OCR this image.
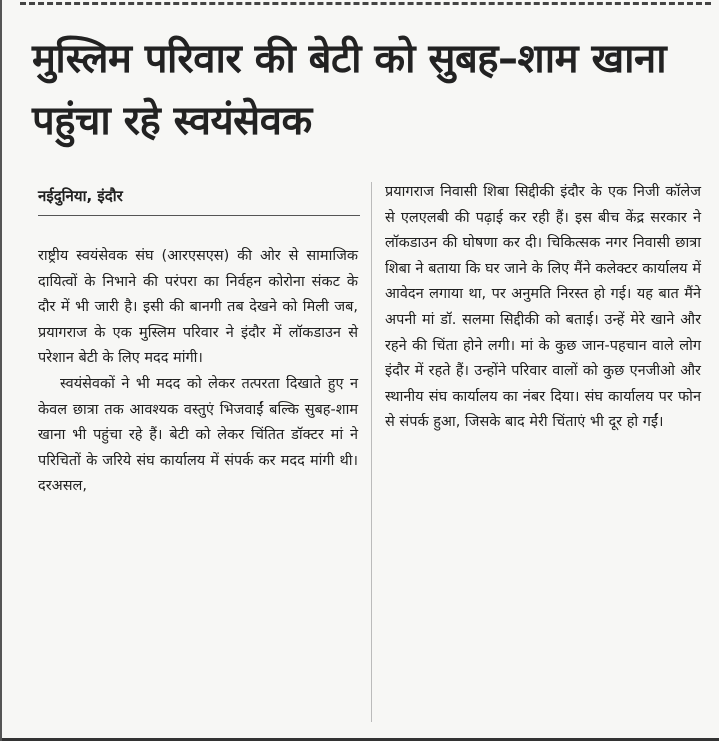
मुस्लिम परिवार की बेटी को सुबह–शाम खाना पहुंचा रहे स्वयंसेवक
नईदुनिया, इंदौर

राष्ट्रीय स्वयंसेवक संघ (आरएसएस) की ओर से सामाजिक दायित्वों के निभाने की परंपरा का निर्वहन कोरोना संकट के दौर में भी जारी है। इसी की बानगी तब देखने को मिली जब, प्रयागराज के एक मुस्लिम परिवार ने इंदौर में लॉकडाउन से परेशान बेटी के लिए मदद मांगी।

स्वयंसेवकों ने भी मदद को लेकर तत्परता दिखाते हुए न केवल छात्रा तक आवश्यक वस्तुएं भिजवाईं बल्कि सुबह-शाम खाना भी पहुंचा रहे हैं। बेटी को लेकर चिंतित डॉक्टर मां ने परिचितों के जरिये संघ कार्यालय में संपर्क कर मदद मांगी थी। दरअसल,

प्रयागराज निवासी शिबा सिद्दीकी इंदौर के एक निजी कॉलेज से एलएलबी की पढ़ाई कर रही हैं। इस बीच केंद्र सरकार ने लॉकडाउन की घोषणा कर दी। चिकित्सक नगर निवासी छात्रा शिबा ने बताया कि घर जाने के लिए मैंने कलेक्टर कार्यालय में आवेदन लगाया था, पर अनुमति निरस्त हो गई। यह बात मैंने अपनी मां डॉ. सलमा सिद्दीकी को बताई। उन्हें मेरे खाने और रहने की चिंता होने लगी। मां के कुछ जान-पहचान वाले लोग इंदौर में रहते हैं। उन्होंने परिवार वालों को कुछ एनजीओ और स्थानीय संघ कार्यालय का नंबर दिया। संघ कार्यालय पर फोन से संपर्क हुआ, जिसके बाद मेरी चिंताएं भी दूर हो गईं।
